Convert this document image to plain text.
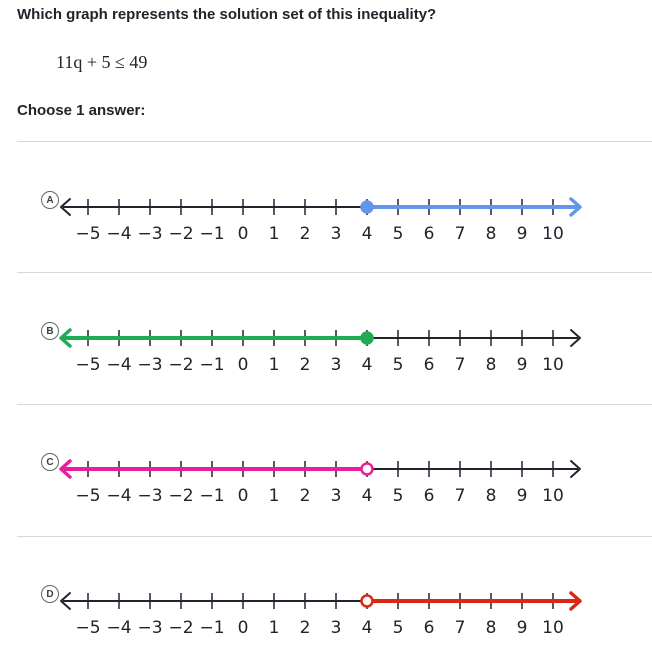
Which graph represents the solution set of this inequality?
11q + 5 ≤ 49
Choose 1 answer:
A
−5 −4 −3 −2 −1 0 1 2 3 4 5 6 7 8 9 10
B
−5 −4 −3 −2 −1 0 1 2 3 4 5 6 7 8 9 10
C
−5 −4 −3 −2 −1 0 1 2 3 4 5 6 7 8 9 10
D
−5 −4 −3 −2 −1 0 1 2 3 4 5 6 7 8 9 10
